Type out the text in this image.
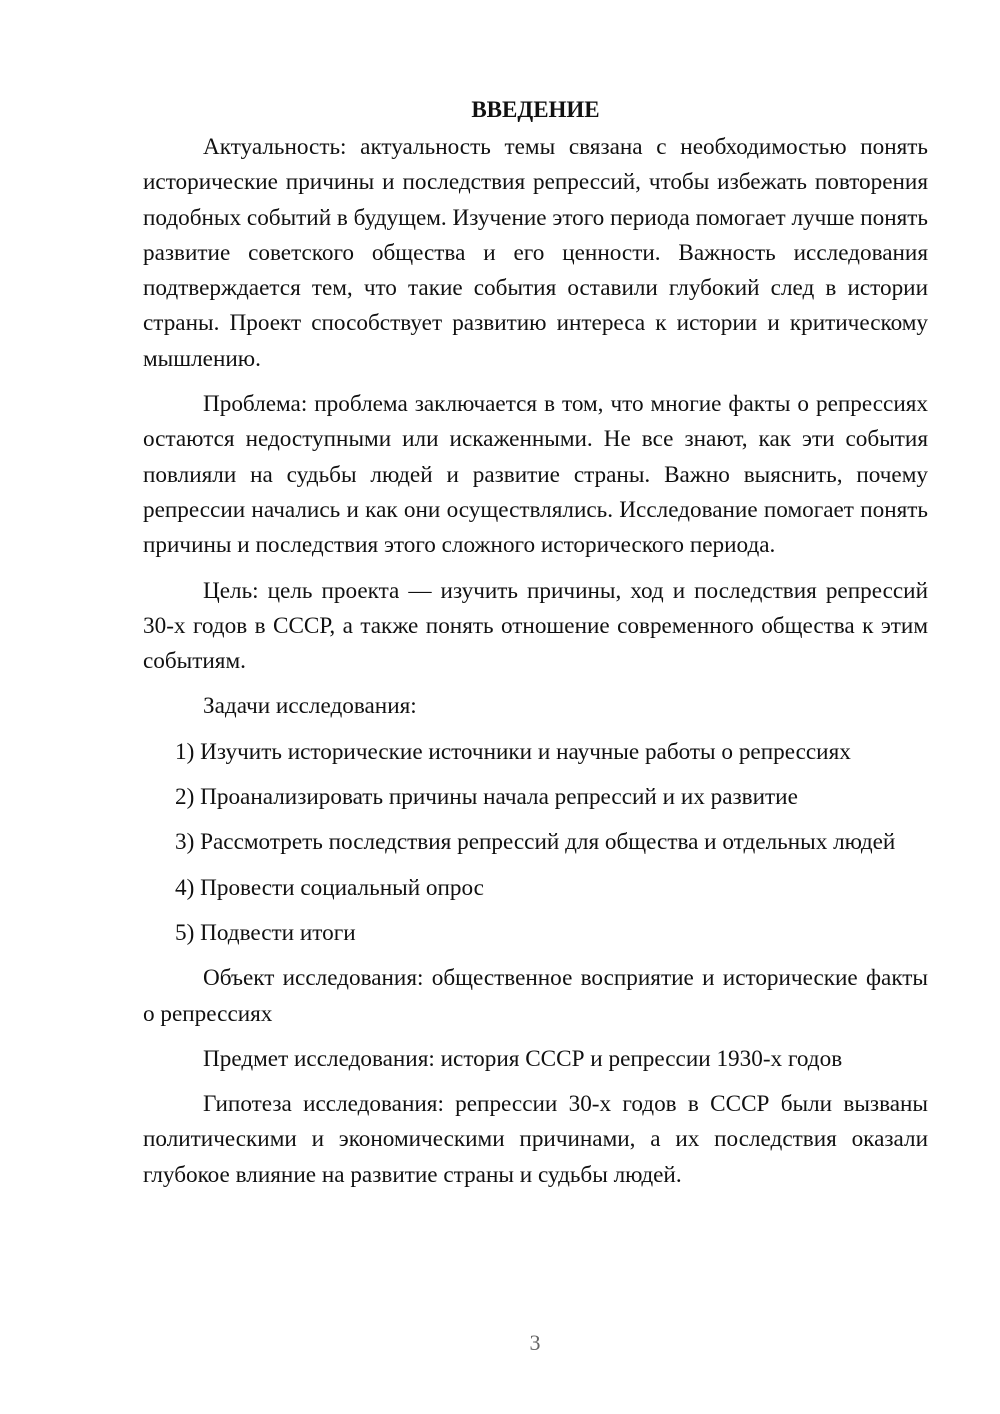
ВВЕДЕНИЕ

Актуальность: актуальность темы связана с необходимостью понять исторические причины и последствия репрессий, чтобы избежать повторения подобных событий в будущем. Изучение этого периода помогает лучше понять развитие советского общества и его ценности. Важность исследования подтверждается тем, что такие события оставили глубокий след в истории страны. Проект способствует развитию интереса к истории и критическому мышлению.

Проблема: проблема заключается в том, что многие факты о репрессиях остаются недоступными или искаженными. Не все знают, как эти события повлияли на судьбы людей и развитие страны. Важно выяснить, почему репрессии начались и как они осуществлялись. Исследование помогает понять причины и последствия этого сложного исторического периода.

Цель: цель проекта — изучить причины, ход и последствия репрессий 30-х годов в СССР, а также понять отношение современного общества к этим событиям.

Задачи исследования:

1) Изучить исторические источники и научные работы о репрессиях

2) Проанализировать причины начала репрессий и их развитие

3) Рассмотреть последствия репрессий для общества и отдельных людей

4) Провести социальный опрос

5) Подвести итоги

Объект исследования: общественное восприятие и исторические факты о репрессиях

Предмет исследования: история СССР и репрессии 1930-х годов

Гипотеза исследования: репрессии 30-х годов в СССР были вызваны политическими и экономическими причинами, а их последствия оказали глубокое влияние на развитие страны и судьбы людей.

3
